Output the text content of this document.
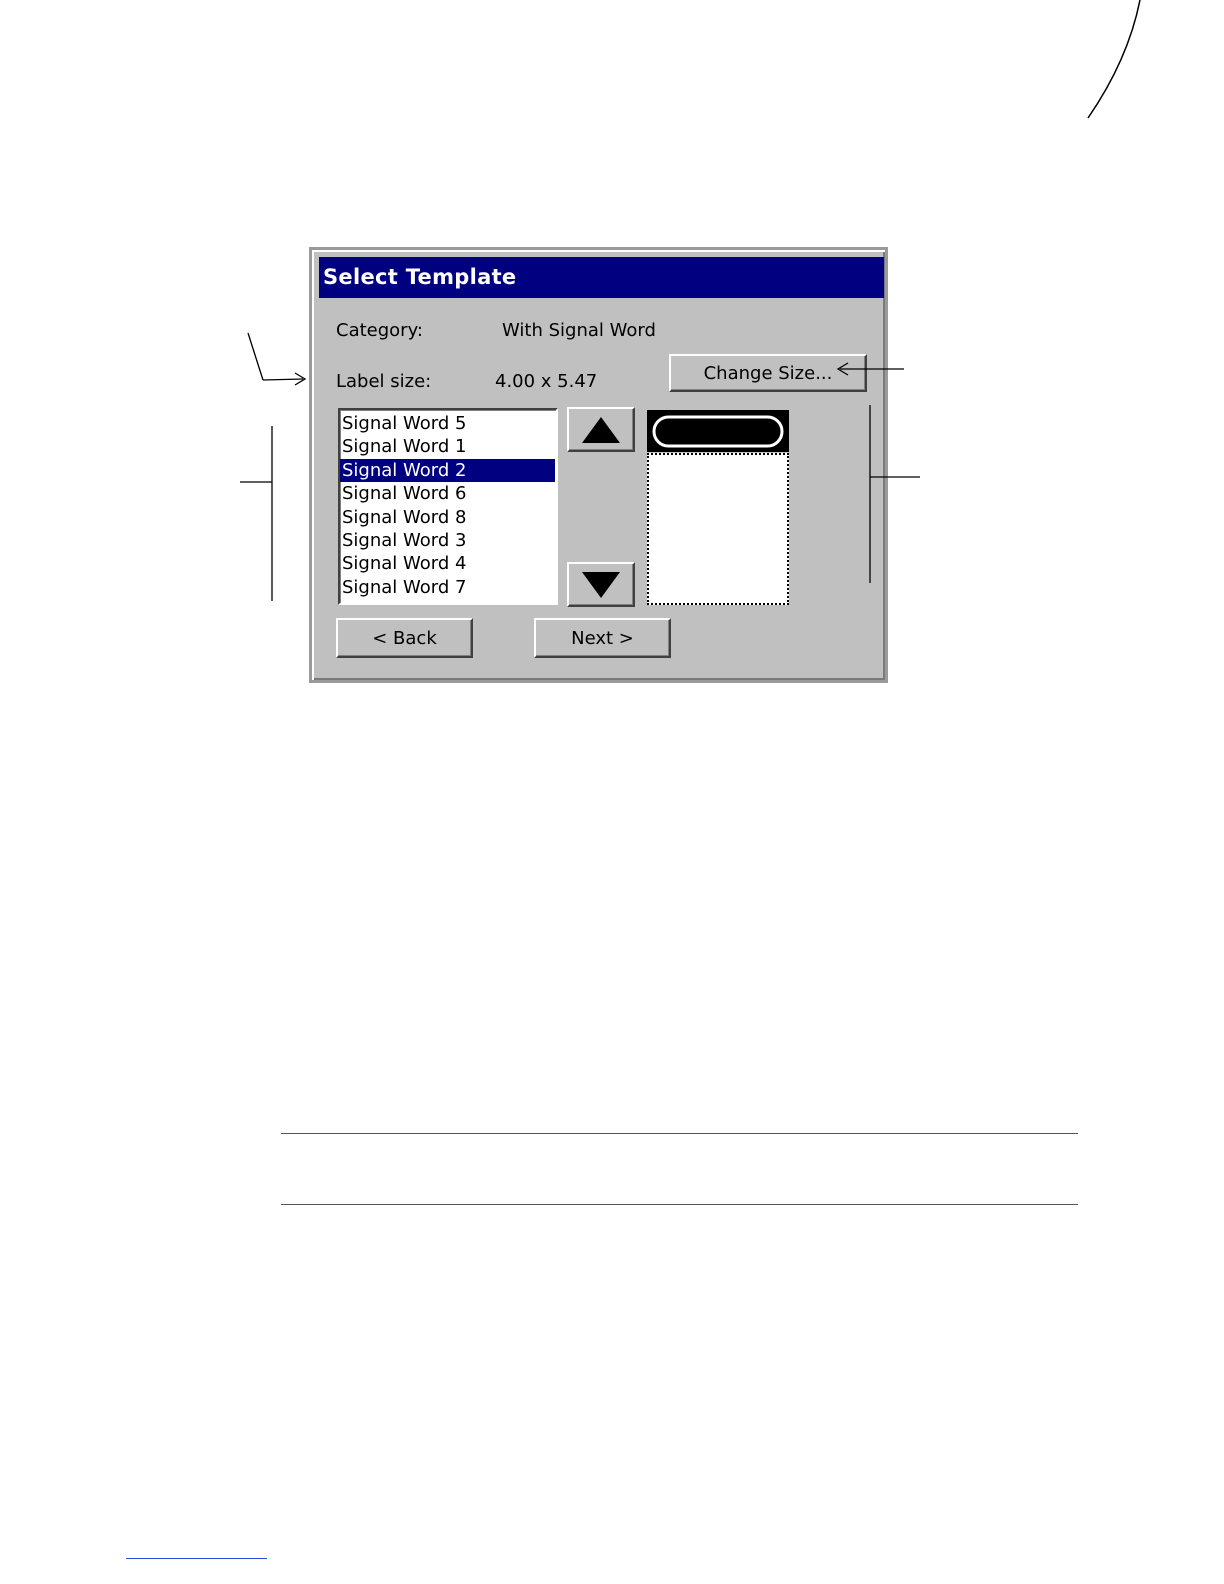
Select Template
Category:	With Signal Word
Label size:	4.00 x 5.47	Change Size...
Signal Word 5
Signal Word 1
Signal Word 2
Signal Word 6
Signal Word 8
Signal Word 3
Signal Word 4
Signal Word 7
< Back	Next >
